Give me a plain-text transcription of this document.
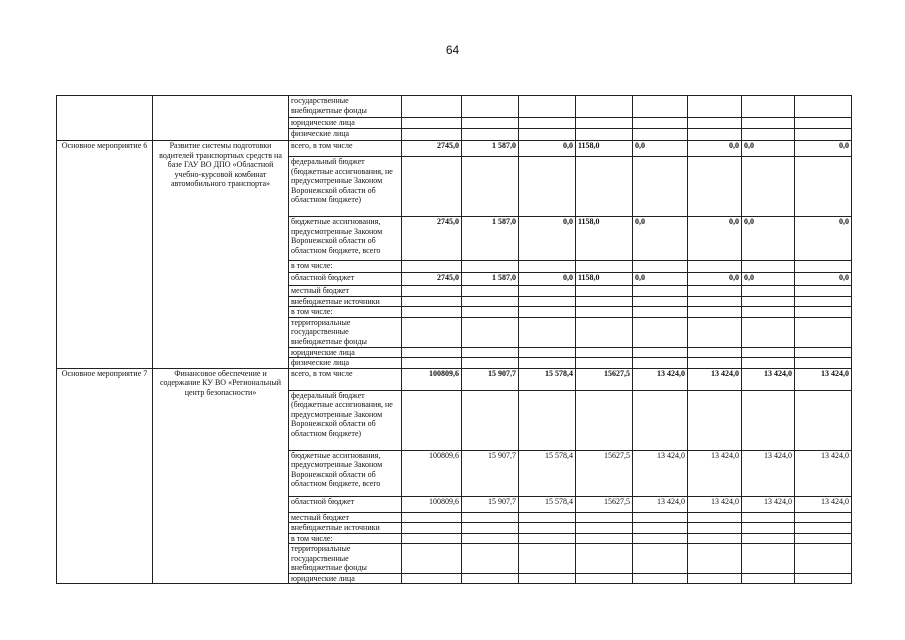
64
		государственные внебюджетные фонды								
		юридические лица								
		физические лица								
Основное мероприятие 6	Развитие системы подготовки водителей транспортных средств на базе ГАУ ВО ДПО «Областной учебно-курсовой комбинат автомобильного транспорта»	всего, в том числе	2745,0	1 587,0	0,0	1158,0	0,0	0,0	0,0	0,0
		федеральный бюджет (бюджетные ассигнования, не предусмотренные Законом Воронежской области об областном бюджете)								
		бюджетные ассигнования, предусмотренные Законом Воронежской области об областном бюджете, всего	2745,0	1 587,0	0,0	1158,0	0,0	0,0	0,0	0,0
		в том числе:								
		областной бюджет	2745,0	1 587,0	0,0	1158,0	0,0	0,0	0,0	0,0
		местный бюджет								
		внебюджетные источники								
		в том числе:								
		территориальные государственные внебюджетные фонды								
		юридические лица								
		физические лица								
Основное мероприятие 7	Финансовое обеспечение и содержание КУ ВО «Региональный центр безопасности»	всего, в том числе	100809,6	15 907,7	15 578,4	15627,5	13 424,0	13 424,0	13 424,0	13 424,0
		федеральный бюджет (бюджетные ассигнования, не предусмотренные Законом Воронежской области об областном бюджете)								
		бюджетные ассигнования, предусмотренные Законом Воронежской области об областном бюджете, всего	100809,6	15 907,7	15 578,4	15627,5	13 424,0	13 424,0	13 424,0	13 424,0
		областной бюджет	100809,6	15 907,7	15 578,4	15627,5	13 424,0	13 424,0	13 424,0	13 424,0
		местный бюджет								
		внебюджетные источники								
		в том числе:								
		территориальные государственные внебюджетные фонды								
		юридические лица								
